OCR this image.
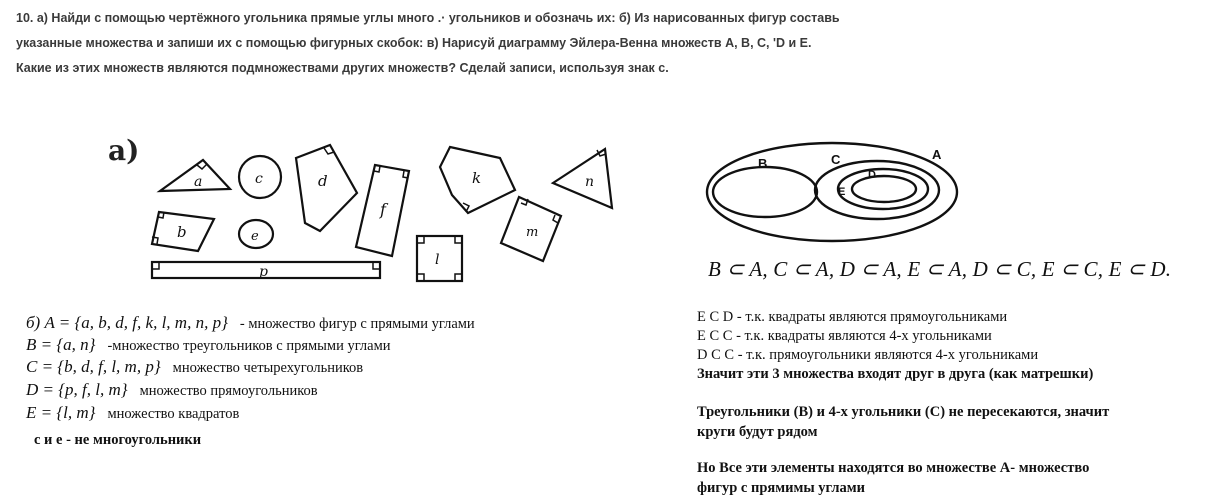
10. а) Найди с помощью чертёжного угольника прямые углы много .· угольников и обозначь их: б) Из нарисованных фигур составь
указанные множества и запиши их с помощью фигурных скобок: в) Нарисуй диаграмму Эйлера-Венна множеств А, В, С, 'D и Е.
Какие из этих множеств являются подмножествами других множеств? Сделай записи, используя знак с.
а)
a	c	d
f
k	n
b	e
l
m
p
A
B	C
D
E
B ⊂ A, C ⊂ A, D ⊂ A, E ⊂ A, D ⊂ C, E ⊂ C, E ⊂ D.
б) A = {a, b, d, f, k, l, m, n, p} - множество фигур с прямыми углами
B = {a, n} -множество треугольников с прямыми углами
C = {b, d, f, l, m, p} множество четырехугольников
D = {p, f, l, m} множество прямоугольников
E = {l, m} множество квадратов
с и е - не многоугольники
E C D - т.к. квадраты являются прямоугольниками
E C C - т.к. квадраты являются 4-х угольниками
D C C - т.к. прямоугольники являются 4-х угольниками
Значит эти 3 множества входят друг в друга (как матрешки)
Треугольники (В) и 4-х угольники (С) не пересекаются, значит
круги будут рядом
Но Все эти элементы находятся во множестве А- множество
фигур с прямимы углами
